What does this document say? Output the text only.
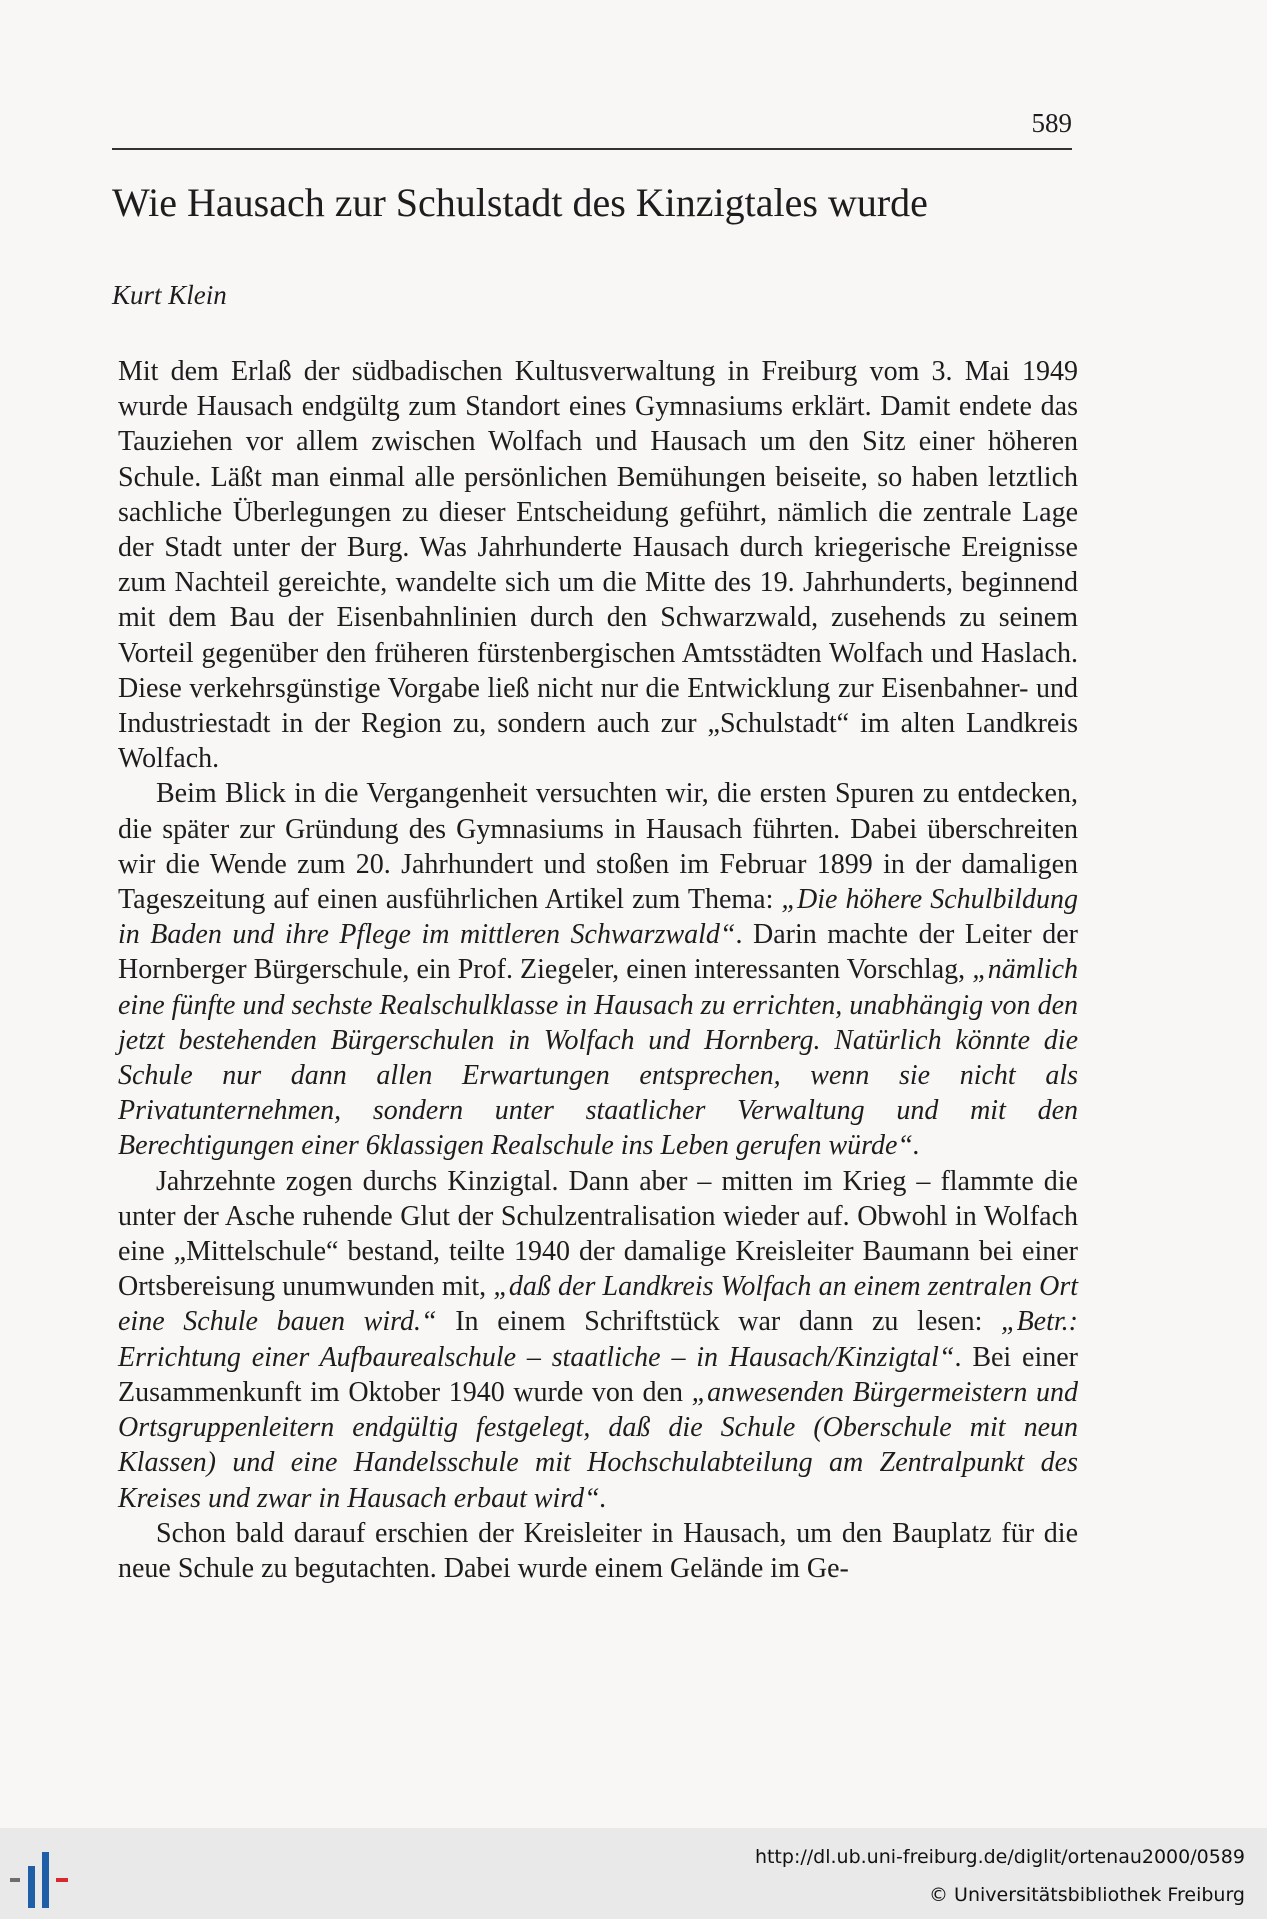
589
Wie Hausach zur Schulstadt des Kinzigtales wurde
Kurt Klein

Mit dem Erlaß der südbadischen Kultusverwaltung in Freiburg vom 3. Mai 1949 wurde Hausach endgültg zum Standort eines Gymnasiums erklärt. Damit endete das Tauziehen vor allem zwischen Wolfach und Hausach um den Sitz einer höheren Schule. Läßt man einmal alle persönlichen Bemühungen beiseite, so haben letztlich sachliche Überlegungen zu dieser Entscheidung geführt, nämlich die zentrale Lage der Stadt unter der Burg. Was Jahrhunderte Hausach durch kriegerische Ereignisse zum Nachteil gereichte, wandelte sich um die Mitte des 19. Jahrhunderts, beginnend mit dem Bau der Eisenbahnlinien durch den Schwarzwald, zusehends zu seinem Vorteil gegenüber den früheren fürstenbergischen Amtsstädten Wolfach und Haslach. Diese verkehrsgünstige Vorgabe ließ nicht nur die Entwicklung zur Eisenbahner- und Industriestadt in der Region zu, sondern auch zur „Schulstadt“ im alten Landkreis Wolfach.

Beim Blick in die Vergangenheit versuchten wir, die ersten Spuren zu entdecken, die später zur Gründung des Gymnasiums in Hausach führten. Dabei überschreiten wir die Wende zum 20. Jahrhundert und stoßen im Februar 1899 in der damaligen Tageszeitung auf einen ausführlichen Artikel zum Thema: „Die höhere Schulbildung in Baden und ihre Pflege im mittleren Schwarzwald“. Darin machte der Leiter der Hornberger Bürgerschule, ein Prof. Ziegeler, einen interessanten Vorschlag, „nämlich eine fünfte und sechste Realschulklasse in Hausach zu errichten, unabhängig von den jetzt bestehenden Bürgerschulen in Wolfach und Hornberg. Natürlich könnte die Schule nur dann allen Erwartungen entsprechen, wenn sie nicht als Privatunternehmen, sondern unter staatlicher Verwaltung und mit den Berechtigungen einer 6klassigen Realschule ins Leben gerufen würde“.

Jahrzehnte zogen durchs Kinzigtal. Dann aber – mitten im Krieg – flammte die unter der Asche ruhende Glut der Schulzentralisation wieder auf. Obwohl in Wolfach eine „Mittelschule“ bestand, teilte 1940 der damalige Kreisleiter Baumann bei einer Ortsbereisung unumwunden mit, „daß der Landkreis Wolfach an einem zentralen Ort eine Schule bauen wird.“ In einem Schriftstück war dann zu lesen: „Betr.: Errichtung einer Aufbaurealschule – staatliche – in Hausach/Kinzigtal“. Bei einer Zusammenkunft im Oktober 1940 wurde von den „anwesenden Bürgermeistern und Ortsgruppenleitern endgültig festgelegt, daß die Schule (Oberschule mit neun Klassen) und eine Handelsschule mit Hochschulabteilung am Zentralpunkt des Kreises und zwar in Hausach erbaut wird“.

Schon bald darauf erschien der Kreisleiter in Hausach, um den Bauplatz für die neue Schule zu begutachten. Dabei wurde einem Gelände im Ge-

http://dl.ub.uni-freiburg.de/diglit/ortenau2000/0589
© Universitätsbibliothek Freiburg
